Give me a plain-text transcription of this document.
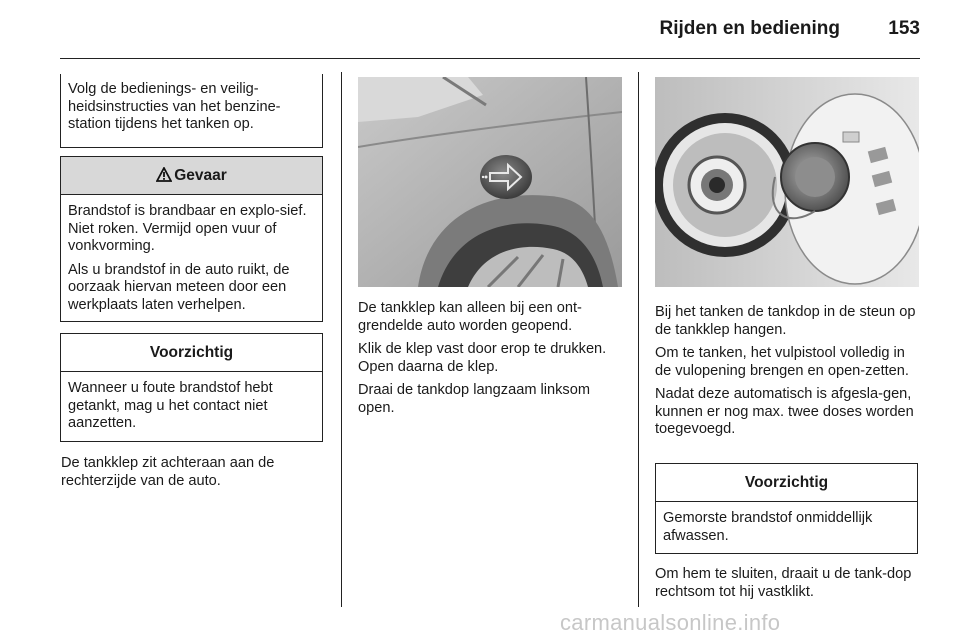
Rijden en bediening	153

Volg de bedienings- en veilig-heidsinstructies van het benzine-station tijdens het tanken op.

Gevaar

Brandstof is brandbaar en explo-sief. Niet roken. Vermijd open vuur of vonkvorming.

Als u brandstof in de auto ruikt, de oorzaak hiervan meteen door een werkplaats laten verhelpen.

Voorzichtig

Wanneer u foute brandstof hebt getankt, mag u het contact niet aanzetten.

De tankklep zit achteraan aan de rechterzijde van de auto.

De tankklep kan alleen bij een ont-grendelde auto worden geopend.

Klik de klep vast door erop te drukken. Open daarna de klep.

Draai de tankdop langzaam linksom open.

Bij het tanken de tankdop in de steun op de tankklep hangen.

Om te tanken, het vulpistool volledig in de vulopening brengen en open-zetten.

Nadat deze automatisch is afgesla-gen, kunnen er nog max. twee doses worden toegevoegd.

Voorzichtig

Gemorste brandstof onmiddellijk afwassen.

Om hem te sluiten, draait u de tank-dop rechtsom tot hij vastklikt.

carmanualsonline.info
